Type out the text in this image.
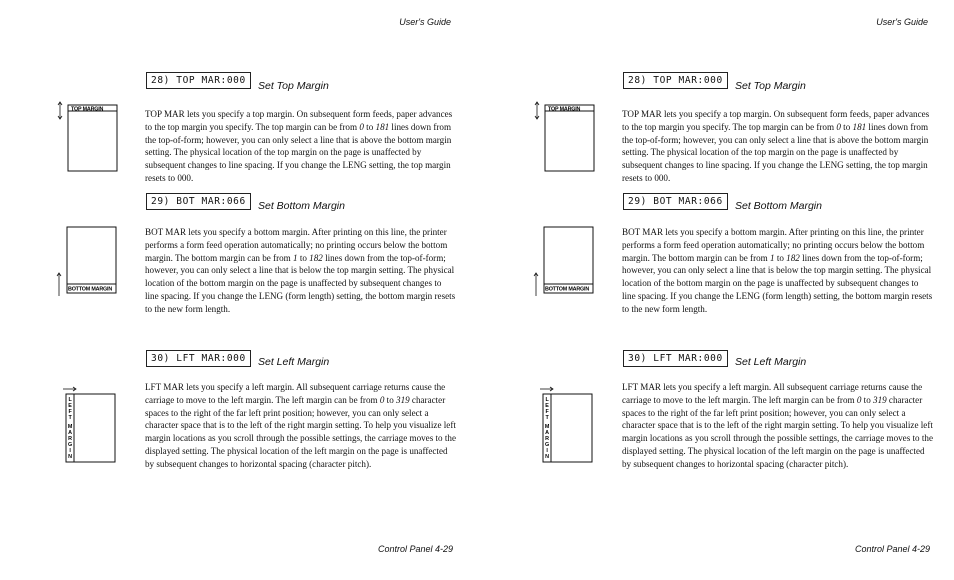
User's Guide
28) TOP MAR:000	Set Top Margin
TOP MARGIN	TOP MAR lets you specify a top margin. On subsequent form feeds, paper advances to the top margin you specify. The top margin can be from 0 to 181 lines down from the top-of-form; however, you can only select a line that is above the bottom margin setting. The physical location of the top margin on the page is unaffected by subsequent changes to line spacing. If you change the LENG setting, the top margin resets to 000.

29) BOT MAR:066	Set Bottom Margin
BOTTOM MARGIN

BOT MAR lets you specify a bottom margin. After printing on this line, the printer performs a form feed operation automatically; no printing occurs below the bottom margin. The bottom margin can be from 1 to 182 lines down from the top-of-form; however, you can only select a line that is below the top margin setting. The physical location of the bottom margin on the page is unaffected by subsequent changes to line spacing. If you change the LENG (form length) setting, the bottom margin resets to the new form length.

30) LFT MAR:000	Set Left Margin
L
E
F
T
M
A
R
G
I
N

LFT MAR lets you specify a left margin. All subsequent carriage returns cause the carriage to move to the left margin. The left margin can be from 0 to 319 character spaces to the right of the far left print position; however, you can only select a character space that is to the left of the right margin setting. To help you visualize left margin locations as you scroll through the possible settings, the carriage moves to the displayed setting. The physical location of the left margin on the page is unaffected by subsequent changes to horizontal spacing (character pitch).

Control Panel 4-29
User's Guide
28) TOP MAR:000	Set Top Margin
TOP MARGIN	TOP MAR lets you specify a top margin. On subsequent form feeds, paper advances to the top margin you specify. The top margin can be from 0 to 181 lines down from the top-of-form; however, you can only select a line that is above the bottom margin setting. The physical location of the top margin on the page is unaffected by subsequent changes to line spacing. If you change the LENG setting, the top margin resets to 000.

29) BOT MAR:066	Set Bottom Margin
BOTTOM MARGIN

BOT MAR lets you specify a bottom margin. After printing on this line, the printer performs a form feed operation automatically; no printing occurs below the bottom margin. The bottom margin can be from 1 to 182 lines down from the top-of-form; however, you can only select a line that is below the top margin setting. The physical location of the bottom margin on the page is unaffected by subsequent changes to line spacing. If you change the LENG (form length) setting, the bottom margin resets to the new form length.

30) LFT MAR:000	Set Left Margin
L
E
F
T
M
A
R
G
I
N

LFT MAR lets you specify a left margin. All subsequent carriage returns cause the carriage to move to the left margin. The left margin can be from 0 to 319 character spaces to the right of the far left print position; however, you can only select a character space that is to the left of the right margin setting. To help you visualize left margin locations as you scroll through the possible settings, the carriage moves to the displayed setting. The physical location of the left margin on the page is unaffected by subsequent changes to horizontal spacing (character pitch).

Control Panel 4-29
